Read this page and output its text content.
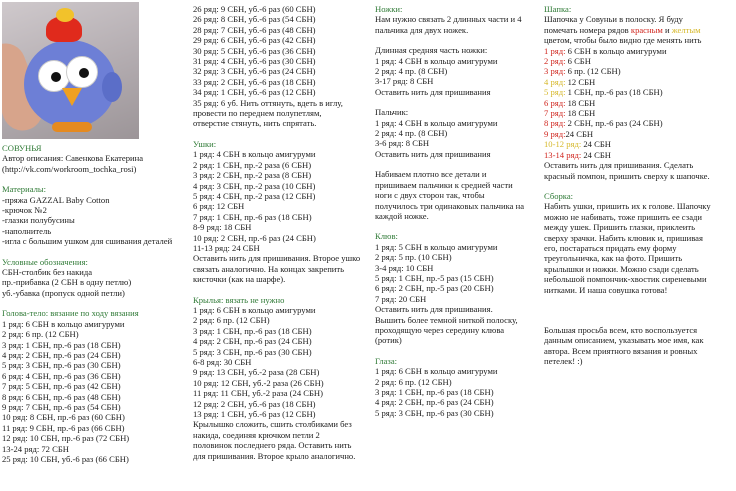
СОВУНЬЯ

Автор описания: Савенкова Екатерина

(http://vk.com/workroom_tochka_rosi)

Материалы:

-пряжа GAZZAL Baby Cotton

-крючок №2

-глазки полубусины

-наполнитель

-игла с большим ушком для сшивания деталей

Условные обозначения:

СБН-столбик без накида

пр.-прибавка (2 СБН в одну петлю)

уб.-убавка (пропуск одной петли)

Голова-тело: вязание по ходу вязания

1 ряд: 6 СБН в кольцо амигуруми

2 ряд: 6 пр. (12 СБН)

3 ряд: 1 СБН, пр.-6 раз (18 СБН)

4 ряд: 2 СБН, пр.-6 раз (24 СБН)

5 ряд: 3 СБН, пр.-6 раз (30 СБН)

6 ряд: 4 СБН, пр.-6 раз (36 СБН)

7 ряд: 5 СБН, пр.-6 раз (42 СБН)

8 ряд: 6 СБН, пр.-6 раз (48 СБН)

9 ряд: 7 СБН, пр.-6 раз (54 СБН)

10 ряд: 8 СБН, пр.-6 раз (60 СБН)

11 ряд: 9 СБН, пр.-6 раз (66 СБН)

12 ряд: 10 СБН, пр.-6 раз (72 СБН)

13-24 ряд: 72 СБН

25 ряд: 10 СБН, уб.-6 раз (66 СБН)

26 ряд: 9 СБН, уб.-6 раз (60 СБН)

26 ряд: 8 СБН, уб.-6 раз (54 СБН)

28 ряд: 7 СБН, уб.-6 раз (48 СБН)

29 ряд: 6 СБН, уб.-6 раз (42 СБН)

30 ряд: 5 СБН, уб.-6 раз (36 СБН)

31 ряд: 4 СБН, уб.-6 раз (30 СБН)

32 ряд: 3 СБН, уб.-6 раз (24 СБН)

33 ряд: 2 СБН, уб.-6 раз (18 СБН)

34 ряд: 1 СБН, уб.-6 раз (12 СБН)

35 ряд: 6 уб. Нить оттянуть, вдеть в иглу,

провести по переднем полупетлям,

отверстие стянуть, нить спрятать.

Ушки:

1 ряд: 4 СБН в кольцо амигуруми

2 ряд: 1 СБН, пр.-2 раза (6 СБН)

3 ряд: 2 СБН, пр.-2 раза (8 СБН)

4 ряд: 3 СБН, пр.-2 раза (10 СБН)

5 ряд: 4 СБН, пр.-2 раза (12 СБН)

6 ряд: 12 СБН

7 ряд: 1 СБН, пр.-6 раз (18 СБН)

8-9 ряд: 18 СБН

10 ряд: 2 СБН, пр.-6 раз (24 СБН)

11-13 ряд: 24 СБН

Оставить нить для пришивания. Второе ушко

связать аналогично. На концах закрепить

кисточки (как на шарфе).

Крылья: вязать не нужно

1 ряд: 6 СБН в кольцо амигуруми

2 ряд: 6 пр. (12 СБН)

3 ряд: 1 СБН, пр.-6 раз (18 СБН)

4 ряд: 2 СБН, пр.-6 раз (24 СБН)

5 ряд: 3 СБН, пр.-6 раз (30 СБН)

6-8 ряд: 30 СБН

9 ряд: 13 СБН, уб.-2 раза (28 СБН)

10 ряд: 12 СБН, уб.-2 раза (26 СБН)

11 ряд: 11 СБН, уб.-2 раза (24 СБН)

12 ряд: 2 СБН, уб.-6 раз (18 СБН)

13 ряд: 1 СБН, уб.-6 раз (12 СБН)

Крылышко сложить, сшить столбиками без

накида, соединяя крючком петли 2

половинок последнего ряда. Оставить нить

для пришивания. Второе крыло аналогично.

Ножки:

Нам нужно связать 2 длинных части и 4

пальчика для двух ножек.

Длинная средняя часть ножки:

1 ряд: 4 СБН в кольцо амигуруми

2 ряд: 4 пр. (8 СБН)

3-17 ряд: 8 СБН

Оставить нить для пришивания

Пальчик:

1 ряд: 4 СБН в кольцо амигуруми

2 ряд: 4 пр. (8 СБН)

3-6 ряд: 8 СБН

Оставить нить для пришивания

Набиваем плотно все детали и

пришиваем пальчики к средней части

ноги с двух сторон так, чтобы

получилось три одинаковых пальчика на

каждой ножке.

Клюв:

1 ряд: 5 СБН в кольцо амигуруми

2 ряд: 5 пр. (10 СБН)

3-4 ряд: 10 СБН

5 ряд: 1 СБН, пр.-5 раз (15 СБН)

6 ряд: 2 СБН, пр.-5 раз (20 СБН)

7 ряд: 20 СБН

Оставить нить для пришивания.

Вышить более темной ниткой полоску,

проходящую через середину клюва

(ротик)

Глаза:

1 ряд: 6 СБН в кольцо амигуруми

2 ряд: 6 пр. (12 СБН)

3 ряд: 1 СБН, пр.-6 раз (18 СБН)

4 ряд: 2 СБН, пр.-6 раз (24 СБН)

5 ряд: 3 СБН, пр.-6 раз (30 СБН)

Шапка:

Шапочка у Совуньи в полоску. Я буду

помечать номера рядов красным и желтым

цветом, чтобы было видно где менять нить

1 ряд: 6 СБН в кольцо амигуруми

2 ряд: 6 СБН

3 ряд: 6 пр. (12 СБН)

4 ряд: 12 СБН

5 ряд: 1 СБН, пр.-6 раз (18 СБН)

6 ряд: 18 СБН

7 ряд: 18 СБН

8 ряд: 2 СБН, пр.-6 раз (24 СБН)

9 ряд:24 СБН

10-12 ряд: 24 СБН

13-14 ряд: 24 СБН

Оставить нить для пришивания. Сделать

красный помпон, пришить сверху к шапочке.

Сборка:

Набить ушки, пришить их к голове. Шапочку

можно не набивать, тоже пришить ее сзади

между ушек. Пришить глазки, приклеить

сверху зрачки. Набить клювик и, пришивая

его, постараться придать ему форму

треугольничка, как на фото. Пришить

крылышки и ножки. Можно сзади сделать

небольшой помпончик-хвостик сиреневыми

нитками. И наша совушка готова!

Большая просьба всем, кто воспользуется

данным описанием, указывать мое имя, как

автора. Всем приятного вязания и ровных

петелек! :)
